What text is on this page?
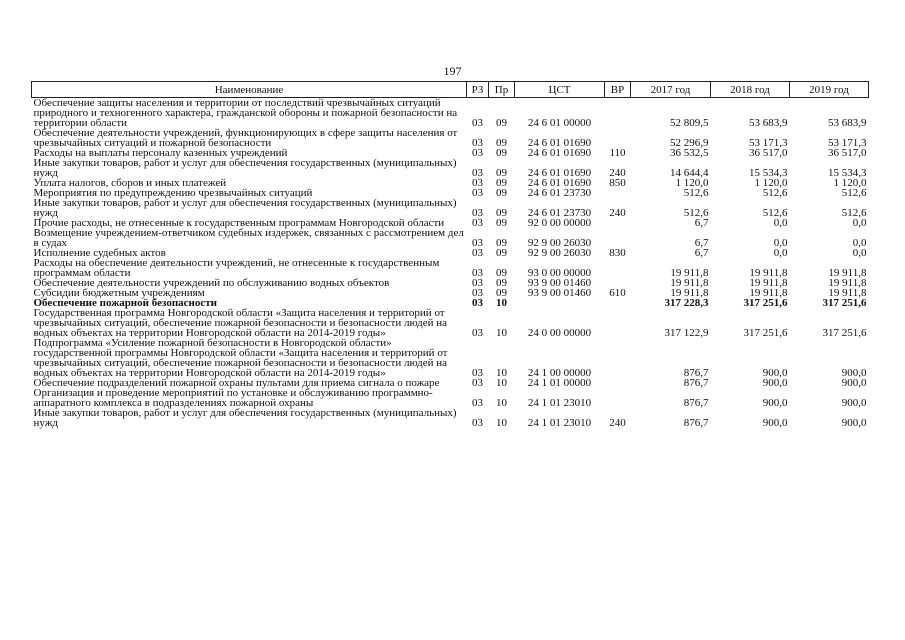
197
Наименование	РЗ	Пр	ЦСТ	ВР	2017 год	2018 год	2019 год
Обеспечение защиты населения и территории от последствий чрезвычайных ситуаций природного и техногенного характера, гражданской обороны и пожарной безопасности на территории области	03	09	24 6 01 00000		52 809,5	53 683,9	53 683,9
Обеспечение деятельности учреждений, функционирующих в сфере защиты населения от чрезвычайных ситуаций и пожарной безопасности	03	09	24 6 01 01690		52 296,9	53 171,3	53 171,3
Расходы на выплаты персоналу казенных учреждений	03	09	24 6 01 01690	110	36 532,5	36 517,0	36 517,0
Иные закупки товаров, работ и услуг для обеспечения государственных (муниципальных) нужд	03	09	24 6 01 01690	240	14 644,4	15 534,3	15 534,3
Уплата налогов, сборов и иных платежей	03	09	24 6 01 01690	850	1 120,0	1 120,0	1 120,0
Мероприятия по предупреждению чрезвычайных ситуаций	03	09	24 6 01 23730		512,6	512,6	512,6
Иные закупки товаров, работ и услуг для обеспечения государственных (муниципальных) нужд	03	09	24 6 01 23730	240	512,6	512,6	512,6
Прочие расходы, не отнесенные к государственным программам Новгородской области	03	09	92 0 00 00000		6,7	0,0	0,0
Возмещение учреждением-ответчиком судебных издержек, связанных с рассмотрением дел в судах	03	09	92 9 00 26030		6,7	0,0	0,0
Исполнение судебных актов	03	09	92 9 00 26030	830	6,7	0,0	0,0
Расходы на обеспечение деятельности учреждений, не отнесенные к государственным программам области	03	09	93 0 00 00000		19 911,8	19 911,8	19 911,8
Обеспечение деятельности учреждений по обслуживанию водных объектов	03	09	93 9 00 01460		19 911,8	19 911,8	19 911,8
Субсидии бюджетным учреждениям	03	09	93 9 00 01460	610	19 911,8	19 911,8	19 911,8
Обеспечение пожарной безопасности	03	10			317 228,3	317 251,6	317 251,6
Государственная программа Новгородской области «Защита населения и территорий от чрезвычайных ситуаций, обеспечение пожарной безопасности и безопасности людей на водных объектах на территории Новгородской области на 2014-2019 годы»	03	10	24 0 00 00000		317 122,9	317 251,6	317 251,6
Подпрограмма «Усиление пожарной безопасности в Новгородской области» государственной программы Новгородской области «Защита населения и территорий от чрезвычайных ситуаций, обеспечение пожарной безопасности и безопасности людей на водных объектах на территории Новгородской области на 2014-2019 годы»	03	10	24 1 00 00000		876,7	900,0	900,0
Обеспечение подразделений пожарной охраны пультами для приема сигнала о пожаре	03	10	24 1 01 00000		876,7	900,0	900,0
Организация и проведение мероприятий по установке и обслуживанию программно-аппаратного комплекса в подразделениях пожарной охраны	03	10	24 1 01 23010		876,7	900,0	900,0
Иные закупки товаров, работ и услуг для обеспечения государственных (муниципальных) нужд	03	10	24 1 01 23010	240	876,7	900,0	900,0
